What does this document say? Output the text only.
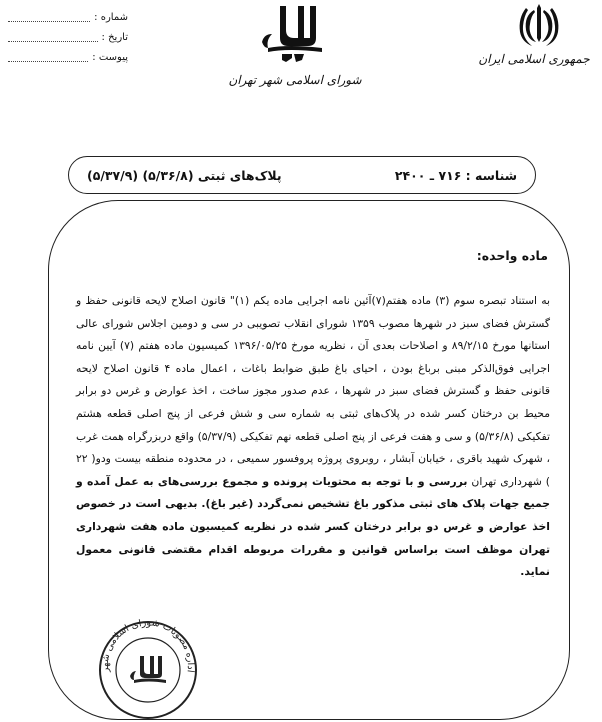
شماره :
تاریخ :
پیوست :
شورای اسلامی شهر تهران
جمهوری اسلامی ایران
شناسه : ۷۱۶ ـ ۲۴۰۰
پلاک‌های ثبتی (۵/۳۶/۸) (۵/۳۷/۹)
ماده واحده:
به استناد تبصره سوم (۳) ماده هفتم(۷)آئین نامه اجرایی ماده یکم (۱)" قانون اصلاح لایحه قانونی حفظ و گسترش فضای سبز در شهرها مصوب ۱۳۵۹ شورای انقلاب تصویبی در سی و دومین اجلاس شورای عالی استانها مورخ ۸۹/۲/۱۵ و اصلاحات بعدی آن ، نظریه مورخ ۱۳۹۶/۰۵/۲۵ کمیسیون ماده هفتم (۷) آیین نامه اجرایی فوق‌الذکر مبنی برباغ بودن ، احیای باغ طبق ضوابط باغات ، اعمال ماده ۴ قانون اصلاح لایحه قانونی حفظ و گسترش فضای سبز در شهرها ، عدم صدور مجوز ساخت ، اخذ عوارض و غرس دو برابر محیط بن درختان کسر شده در پلاک‌های ثبتی به شماره سی و شش فرعی از پنج اصلی قطعه هشتم تفکیکی (۵/۳۶/۸) و سی و هفت فرعی از پنج اصلی قطعه نهم تفکیکی (۵/۳۷/۹) واقع دربزرگراه همت غرب ، شهرک شهید باقری ، خیابان آبشار ، روبروی پروژه پروفسور سمیعی ، در محدوده منطقه بیست ودو( ۲۲ ) شهرداری تهران بررسی و با توجه به محتویات پرونده و مجموع بررسی‌های به عمل آمده و جمیع جهات پلاک های ثبتی مذکور باغ تشخیص نمی‌گردد (غیر باغ). بدیهی است در خصوص اخذ عوارض و غرس دو برابر درختان کسر شده در نظریه کمیسیون ماده هفت شهرداری تهران موظف است براساس قوانین و مقررات مربوطه اقدام مقتضی قانونی معمول نماید.
اداره مصوبات شورای اسلامی شهر
